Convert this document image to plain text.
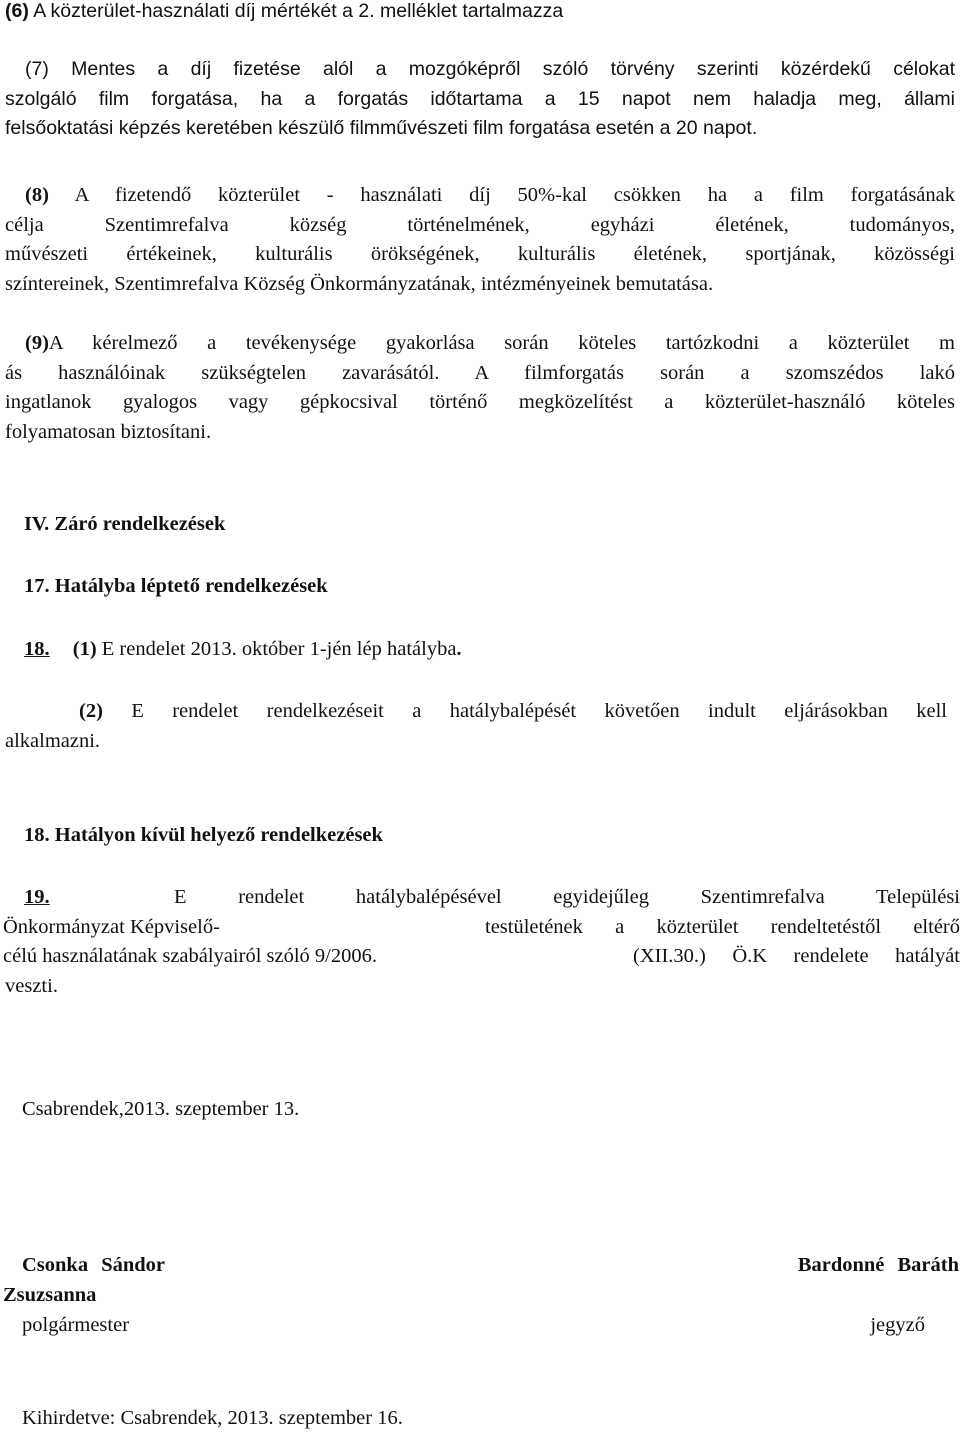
(6) A közterület-használati díj mértékét a 2. melléklet tartalmazza

(7) Mentes a díj fizetése alól a mozgóképről szóló törvény szerinti közérdekű célokat
szolgáló film forgatása, ha a forgatás időtartama a 15 napot nem haladja meg, állami
felsőoktatási képzés keretében készülő filmművészeti film forgatása esetén a 20 napot.
(8) A fizetendő közterület - használati díj 50%-kal csökken ha a film forgatásának
célja Szentimrefalva község történelmének, egyházi életének, tudományos,
művészeti értékeinek, kulturális örökségének, kulturális életének, sportjának, közösségi
színtereinek, Szentimrefalva Község Önkormányzatának, intézményeinek bemutatása.
(9)A kérelmező a tevékenysége gyakorlása során köteles tartózkodni a közterület m
ás használóinak szükségtelen zavarásától. A filmforgatás során a szomszédos lakó
ingatlanok gyalogos vagy gépkocsival történő megközelítést a közterület-használó köteles
folyamatosan biztosítani.
IV. Záró rendelkezések
17. Hatályba léptető rendelkezések
18. (1) E rendelet 2013. október 1-jén lép hatályba.
(2) E rendelet rendelkezéseit a hatálybalépését követően indult eljárásokban kell
alkalmazni.
18. Hatályon kívül helyező rendelkezések
19.	E rendelet hatálybalépésével egyidejűleg Szentimrefalva Települési
Önkormányzat Képviselő-	testületének a közterület rendeltetéstől eltérő
célú használatának szabályairól szóló 9/2006.	(XII.30.) Ö.K rendelete hatályát
veszti.
Csabrendek,2013. szeptember 13.
Csonka Sándor
Zsuzsanna
Bardonné Baráth
polgármester	jegyző
Kihirdetve: Csabrendek, 2013. szeptember 16.
